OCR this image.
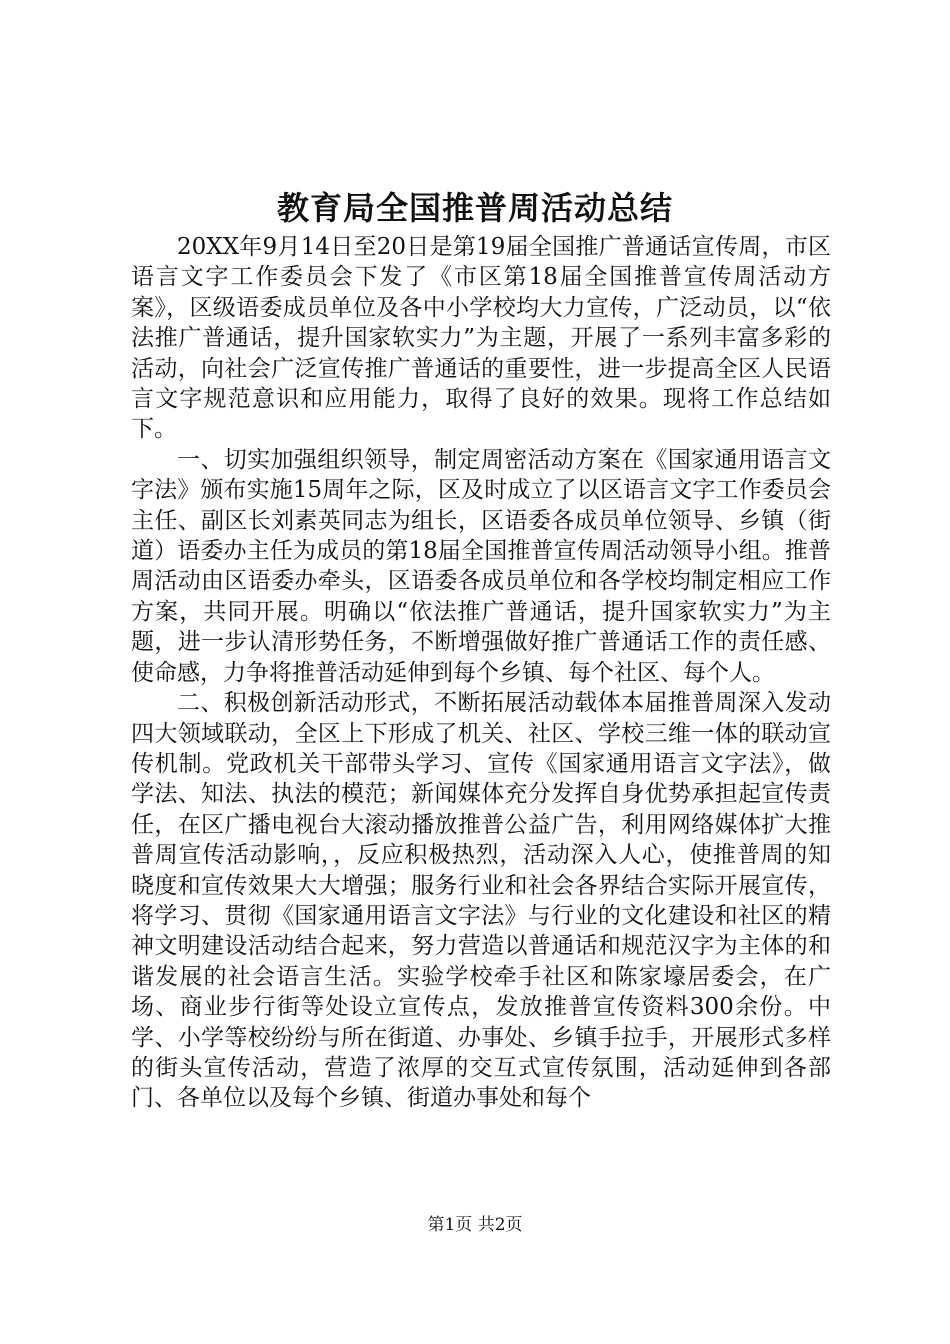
教育局全国推普周活动总结

20XX年9月14日至20日是第19届全国推广普通话宣传周，市区语言文字工作委员会下发了《市区第18届全国推普宣传周活动方案》，区级语委成员单位及各中小学校均大力宣传，广泛动员，以“依法推广普通话，提升国家软实力”为主题，开展了一系列丰富多彩的活动，向社会广泛宣传推广普通话的重要性，进一步提高全区人民语言文字规范意识和应用能力，取得了良好的效果。现将工作总结如下。

一、切实加强组织领导，制定周密活动方案在《国家通用语言文字法》颁布实施15周年之际，区及时成立了以区语言文字工作委员会主任、副区长刘素英同志为组长，区语委各成员单位领导、乡镇（街道）语委办主任为成员的第18届全国推普宣传周活动领导小组。推普周活动由区语委办牵头，区语委各成员单位和各学校均制定相应工作方案，共同开展。明确以“依法推广普通话，提升国家软实力”为主题，进一步认清形势任务，不断增强做好推广普通话工作的责任感、使命感，力争将推普活动延伸到每个乡镇、每个社区、每个人。

二、积极创新活动形式，不断拓展活动载体本届推普周深入发动四大领域联动，全区上下形成了机关、社区、学校三维一体的联动宣传机制。党政机关干部带头学习、宣传《国家通用语言文字法》，做学法、知法、执法的模范；新闻媒体充分发挥自身优势承担起宣传责任，在区广播电视台大滚动播放推普公益广告，利用网络媒体扩大推普周宣传活动影响，，反应积极热烈，活动深入人心，使推普周的知晓度和宣传效果大大增强；服务行业和社会各界结合实际开展宣传，将学习、贯彻《国家通用语言文字法》与行业的文化建设和社区的精神文明建设活动结合起来，努力营造以普通话和规范汉字为主体的和谐发展的社会语言生活。实验学校牵手社区和陈家壕居委会，在广场、商业步行街等处设立宣传点，发放推普宣传资料300余份。中学、小学等校纷纷与所在街道、办事处、乡镇手拉手，开展形式多样的街头宣传活动，营造了浓厚的交互式宣传氛围，活动延伸到各部门、各单位以及每个乡镇、街道办事处和每个

第1页 共2页
